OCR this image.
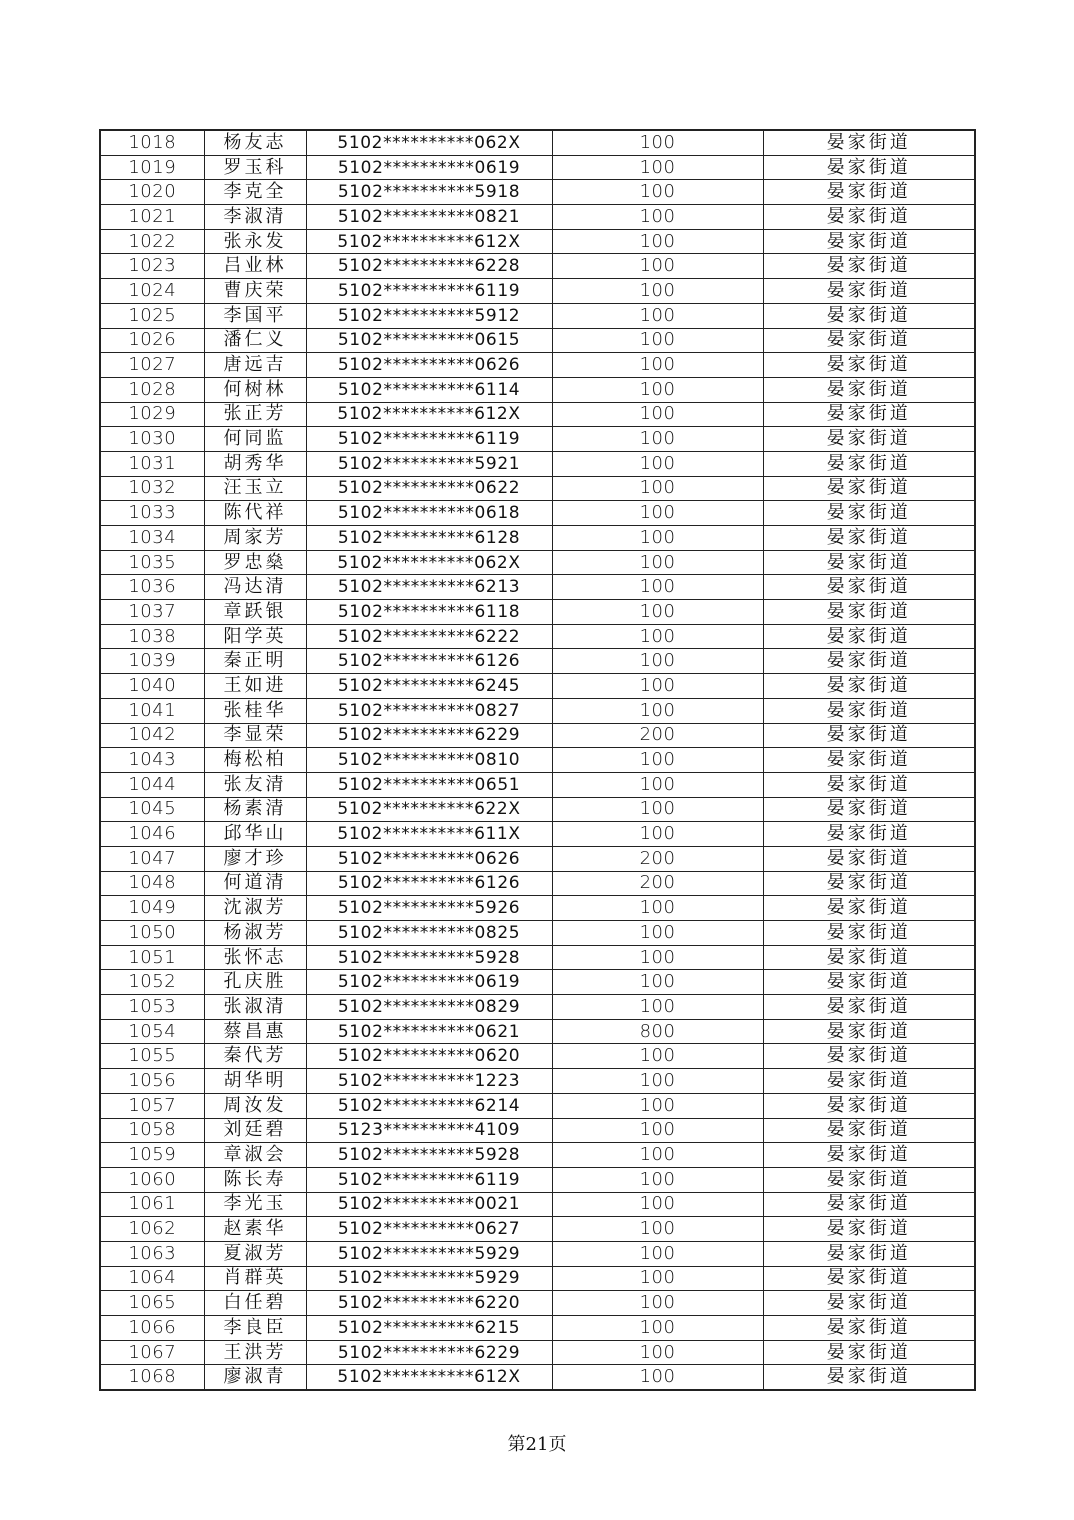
1018	杨友志	5102**********062X	100	晏家街道
1019	罗玉科	5102**********0619	100	晏家街道
1020	李克全	5102**********5918	100	晏家街道
1021	李淑清	5102**********0821	100	晏家街道
1022	张永发	5102**********612X	100	晏家街道
1023	吕业林	5102**********6228	100	晏家街道
1024	曹庆荣	5102**********6119	100	晏家街道
1025	李国平	5102**********5912	100	晏家街道
1026	潘仁义	5102**********0615	100	晏家街道
1027	唐远吉	5102**********0626	100	晏家街道
1028	何树林	5102**********6114	100	晏家街道
1029	张正芳	5102**********612X	100	晏家街道
1030	何同监	5102**********6119	100	晏家街道
1031	胡秀华	5102**********5921	100	晏家街道
1032	汪玉立	5102**********0622	100	晏家街道
1033	陈代祥	5102**********0618	100	晏家街道
1034	周家芳	5102**********6128	100	晏家街道
1035	罗忠燊	5102**********062X	100	晏家街道
1036	冯达清	5102**********6213	100	晏家街道
1037	章跃银	5102**********6118	100	晏家街道
1038	阳学英	5102**********6222	100	晏家街道
1039	秦正明	5102**********6126	100	晏家街道
1040	王如进	5102**********6245	100	晏家街道
1041	张桂华	5102**********0827	100	晏家街道
1042	李显荣	5102**********6229	200	晏家街道
1043	梅松柏	5102**********0810	100	晏家街道
1044	张友清	5102**********0651	100	晏家街道
1045	杨素清	5102**********622X	100	晏家街道
1046	邱华山	5102**********611X	100	晏家街道
1047	廖才珍	5102**********0626	200	晏家街道
1048	何道清	5102**********6126	200	晏家街道
1049	沈淑芳	5102**********5926	100	晏家街道
1050	杨淑芳	5102**********0825	100	晏家街道
1051	张怀志	5102**********5928	100	晏家街道
1052	孔庆胜	5102**********0619	100	晏家街道
1053	张淑清	5102**********0829	100	晏家街道
1054	蔡昌惠	5102**********0621	800	晏家街道
1055	秦代芳	5102**********0620	100	晏家街道
1056	胡华明	5102**********1223	100	晏家街道
1057	周汝发	5102**********6214	100	晏家街道
1058	刘廷碧	5123**********4109	100	晏家街道
1059	章淑会	5102**********5928	100	晏家街道
1060	陈长寿	5102**********6119	100	晏家街道
1061	李光玉	5102**********0021	100	晏家街道
1062	赵素华	5102**********0627	100	晏家街道
1063	夏淑芳	5102**********5929	100	晏家街道
1064	肖群英	5102**********5929	100	晏家街道
1065	白任碧	5102**********6220	100	晏家街道
1066	李良臣	5102**********6215	100	晏家街道
1067	王洪芳	5102**********6229	100	晏家街道
1068	廖淑青	5102**********612X	100	晏家街道
第21页
